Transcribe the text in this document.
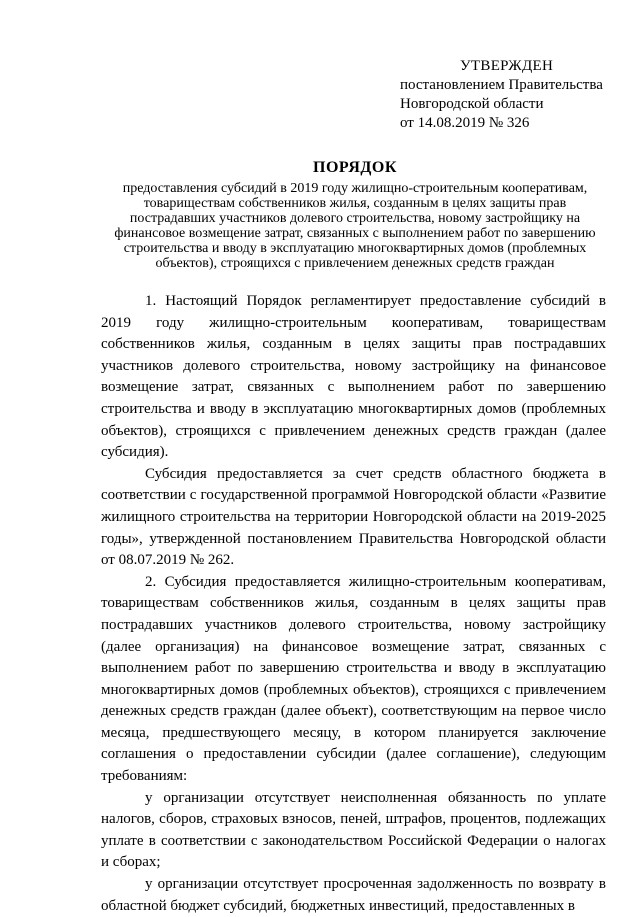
УТВЕРЖДЕН
постановлением Правительства
Новгородской области
от 14.08.2019 № 326
ПОРЯДОК
предоставления субсидий в 2019 году жилищно-строительным кооперативам, товариществам собственников жилья, созданным в целях защиты прав пострадавших участников долевого строительства, новому застройщику на финансовое возмещение затрат, связанных с выполнением работ по завершению строительства и вводу в эксплуатацию многоквартирных домов (проблемных объектов), строящихся с привлечением денежных средств граждан

1. Настоящий Порядок регламентирует предоставление субсидий в 2019 году жилищно-строительным кооперативам, товариществам собственников жилья, созданным в целях защиты прав пострадавших участников долевого строительства, новому застройщику на финансовое возмещение затрат, связанных с выполнением работ по завершению строительства и вводу в эксплуатацию многоквартирных домов (проблемных объектов), строящихся с привлечением денежных средств граждан (далее субсидия).

Субсидия предоставляется за счет средств областного бюджета в соответствии с государственной программой Новгородской области «Развитие жилищного строительства на территории Новгородской области на 2019-2025 годы», утвержденной постановлением Правительства Новгородской области от 08.07.2019 № 262.

2. Субсидия предоставляется жилищно-строительным кооперативам, товариществам собственников жилья, созданным в целях защиты прав пострадавших участников долевого строительства, новому застройщику (далее организация) на финансовое возмещение затрат, связанных с выполнением работ по завершению строительства и вводу в эксплуатацию многоквартирных домов (проблемных объектов), строящихся с привлечением денежных средств граждан (далее объект), соответствующим на первое число месяца, предшествующего месяцу, в котором планируется заключение соглашения о предоставлении субсидии (далее соглашение), следующим требованиям:

у организации отсутствует неисполненная обязанность по уплате налогов, сборов, страховых взносов, пеней, штрафов, процентов, подлежащих уплате в соответствии с законодательством Российской Федерации о налогах и сборах;

у организации отсутствует просроченная задолженность по возврату в областной бюджет субсидий, бюджетных инвестиций, предоставленных в
